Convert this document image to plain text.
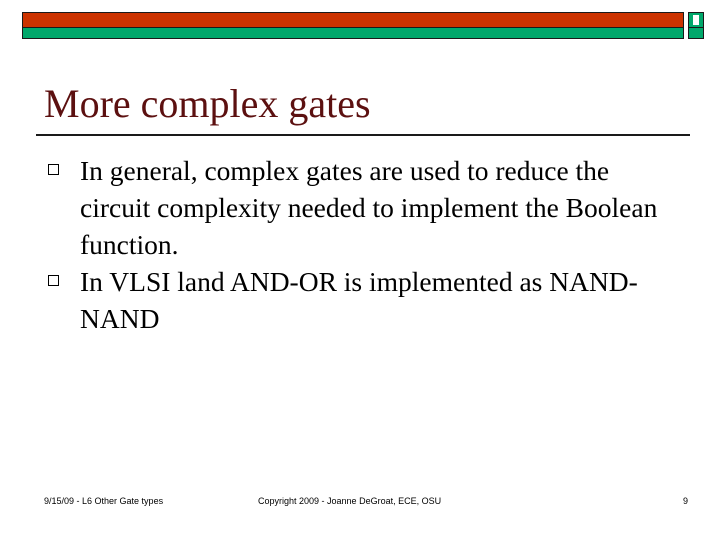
More complex gates
In general, complex gates are used to reduce the circuit complexity needed to implement the Boolean function.
In VLSI land AND-OR is implemented as NAND-NAND
9/15/09 - L6 Other Gate types	Copyright 2009 - Joanne DeGroat, ECE, OSU	9
